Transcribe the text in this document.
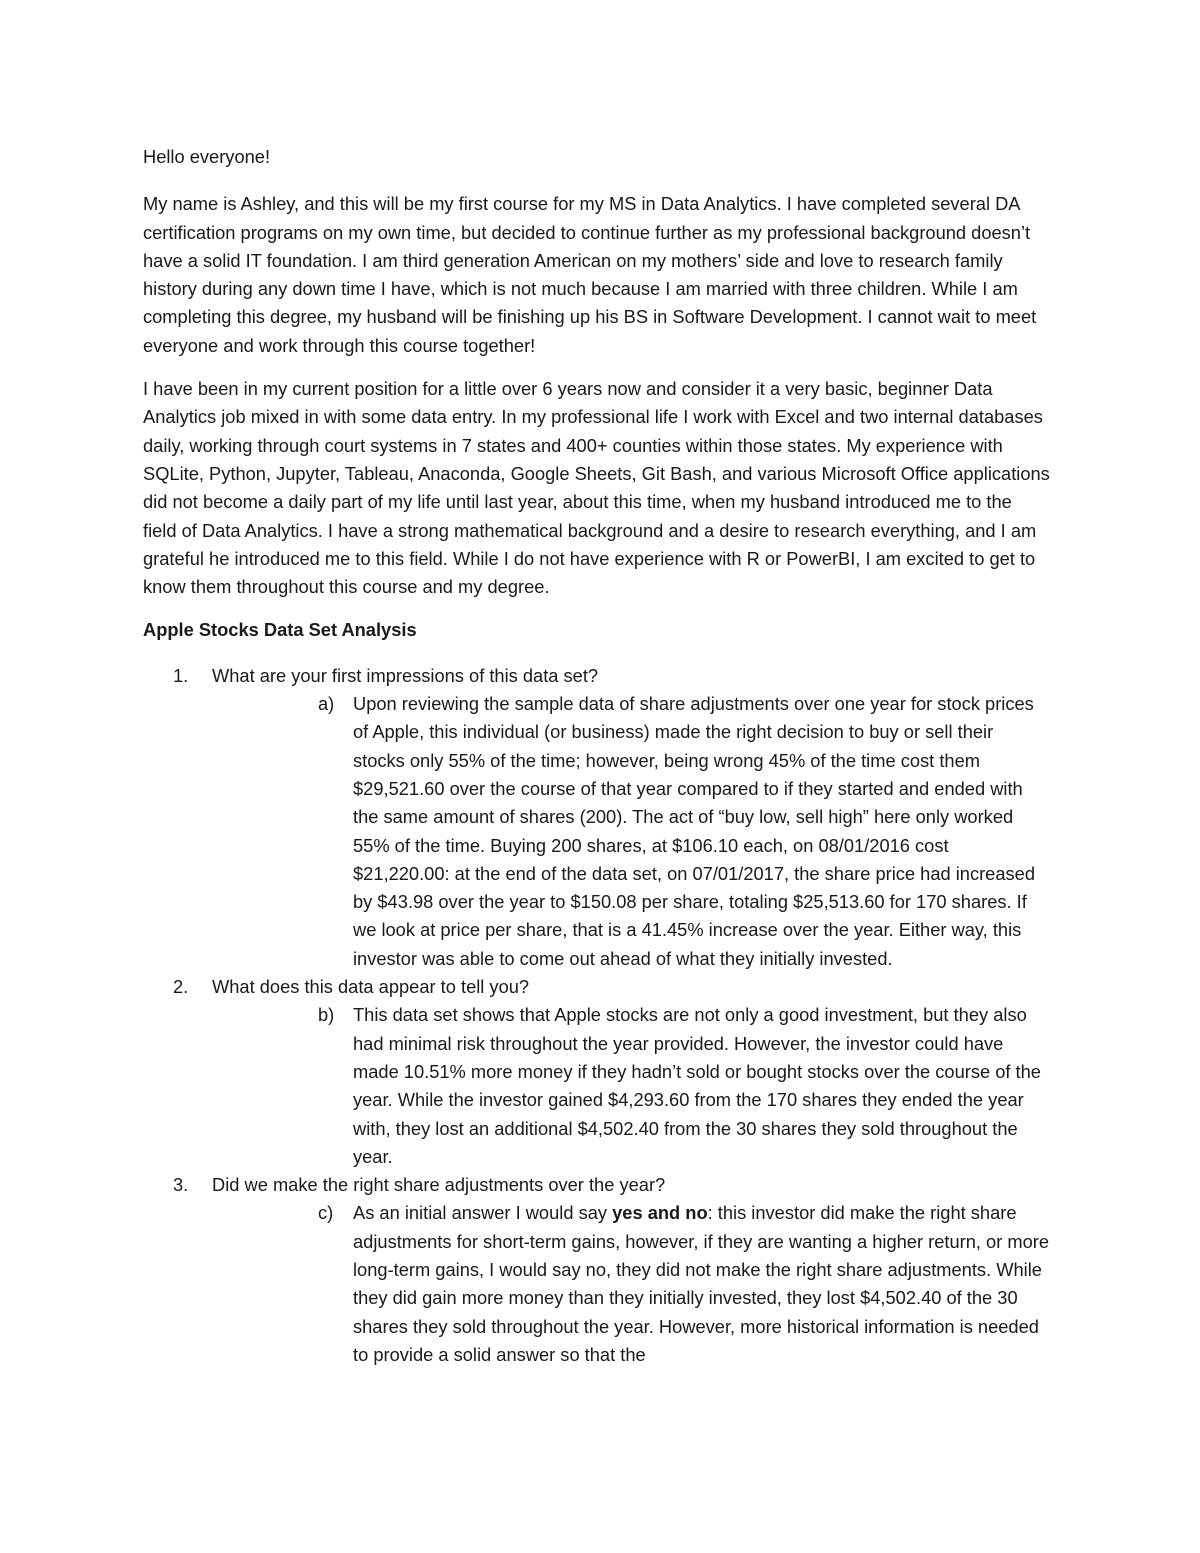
Hello everyone!

My name is Ashley, and this will be my first course for my MS in Data Analytics. I have completed several DA certification programs on my own time, but decided to continue further as my professional background doesn’t have a solid IT foundation. I am third generation American on my mothers’ side and love to research family history during any down time I have, which is not much because I am married with three children. While I am completing this degree, my husband will be finishing up his BS in Software Development. I cannot wait to meet everyone and work through this course together!

I have been in my current position for a little over 6 years now and consider it a very basic, beginner Data Analytics job mixed in with some data entry. In my professional life I work with Excel and two internal databases daily, working through court systems in 7 states and 400+ counties within those states. My experience with SQLite, Python, Jupyter, Tableau, Anaconda, Google Sheets, Git Bash, and various Microsoft Office applications did not become a daily part of my life until last year, about this time, when my husband introduced me to the field of Data Analytics. I have a strong mathematical background and a desire to research everything, and I am grateful he introduced me to this field. While I do not have experience with R or PowerBI, I am excited to get to know them throughout this course and my degree.

Apple Stocks Data Set Analysis

1. What are your first impressions of this data set?
a) Upon reviewing the sample data of share adjustments over one year for stock prices of Apple, this individual (or business) made the right decision to buy or sell their stocks only 55% of the time; however, being wrong 45% of the time cost them $29,521.60 over the course of that year compared to if they started and ended with the same amount of shares (200). The act of “buy low, sell high” here only worked 55% of the time. Buying 200 shares, at $106.10 each, on 08/01/2016 cost $21,220.00: at the end of the data set, on 07/01/2017, the share price had increased by $43.98 over the year to $150.08 per share, totaling $25,513.60 for 170 shares. If we look at price per share, that is a 41.45% increase over the year. Either way, this investor was able to come out ahead of what they initially invested.

2. What does this data appear to tell you?
b) This data set shows that Apple stocks are not only a good investment, but they also had minimal risk throughout the year provided. However, the investor could have made 10.51% more money if they hadn’t sold or bought stocks over the course of the year. While the investor gained $4,293.60 from the 170 shares they ended the year with, they lost an additional $4,502.40 from the 30 shares they sold throughout the year.

3. Did we make the right share adjustments over the year?
c) As an initial answer I would say yes and no: this investor did make the right share adjustments for short-term gains, however, if they are wanting a higher return, or more long-term gains, I would say no, they did not make the right share adjustments. While they did gain more money than they initially invested, they lost $4,502.40 of the 30 shares they sold throughout the year. However, more historical information is needed to provide a solid answer so that the
